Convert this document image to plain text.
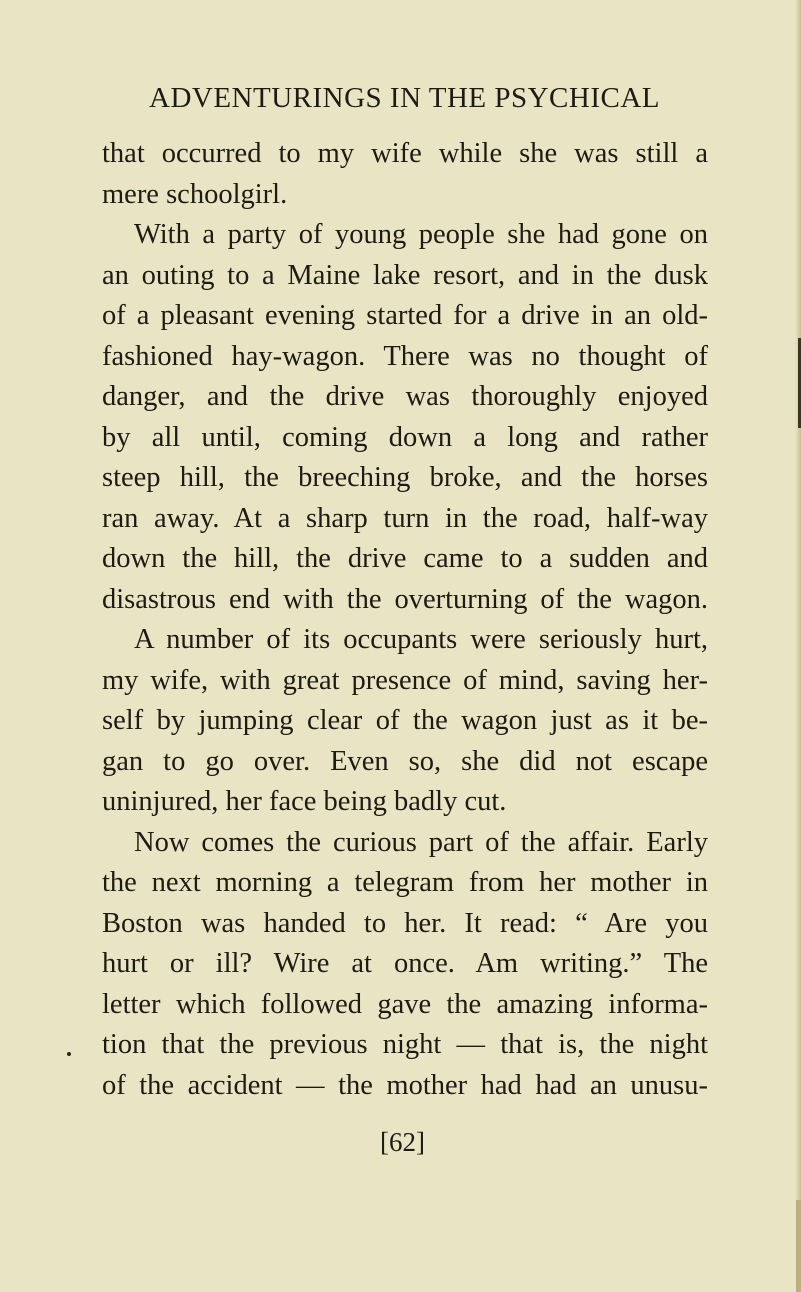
ADVENTURINGS IN THE PSYCHICAL
that occurred to my wife while she was still a
mere schoolgirl.
With a party of young people she had gone on
an outing to a Maine lake resort, and in the dusk
of a pleasant evening started for a drive in an old-
fashioned hay-wagon. There was no thought of
danger, and the drive was thoroughly enjoyed
by all until, coming down a long and rather
steep hill, the breeching broke, and the horses
ran away. At a sharp turn in the road, half-way
down the hill, the drive came to a sudden and
disastrous end with the overturning of the wagon.
A number of its occupants were seriously hurt,
my wife, with great presence of mind, saving her-
self by jumping clear of the wagon just as it be-
gan to go over. Even so, she did not escape
uninjured, her face being badly cut.
Now comes the curious part of the affair. Early
the next morning a telegram from her mother in
Boston was handed to her. It read: “ Are you
hurt or ill? Wire at once. Am writing.” The
letter which followed gave the amazing informa-
tion that the previous night — that is, the night
of the accident — the mother had had an unusu-
[62]
